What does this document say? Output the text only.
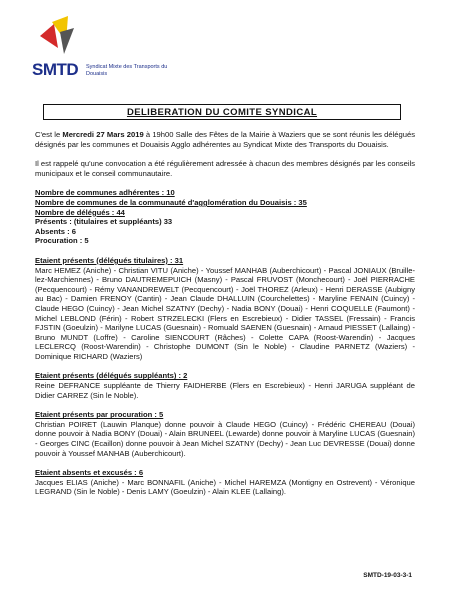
SMTD Syndicat Mixte des Transports du Douaisis
DELIBERATION DU COMITE SYNDICAL

C'est le Mercredi 27 Mars 2019 à 19h00 Salle des Fêtes de la Mairie à Waziers que se sont réunis les délégués désignés par les communes et Douaisis Agglo adhérentes au Syndicat Mixte des Transports du Douaisis.

Il est rappelé qu'une convocation a été régulièrement adressée à chacun des membres désignés par les conseils municipaux et le conseil communautaire.

Nombre de communes adhérentes : 10

Nombre de communes de la communauté d'agglomération du Douaisis : 35

Nombre de délégués : 44

Présents : (titulaires et suppléants) 33

Absents : 6

Procuration : 5

Etaient présents (délégués titulaires) : 31

Marc HEMEZ (Aniche) - Christian VITU (Aniche) - Youssef MANHAB (Auberchicourt) - Pascal JONIAUX (Bruille-lez-Marchiennes) - Bruno DAUTREMEPUICH (Masny) - Pascal FRUVOST (Monchecourt) - Joël PIERRACHE (Pecquencourt) - Rémy VANANDREWELT (Pecquencourt) - Joël THOREZ (Arleux) - Henri DERASSE (Aubigny au Bac) - Damien FRENOY (Cantin) - Jean Claude DHALLUIN (Courchelettes) - Maryline FENAIN (Cuincy) - Claude HEGO (Cuincy) - Jean Michel SZATNY (Dechy) - Nadia BONY (Douai) - Henri COQUELLE (Faumont) - Michel LEBLOND (Férin) - Robert STRZELECKI (Flers en Escrebieux) - Didier TASSEL (Fressain) - Francis FJSTIN (Goeulzin) - Marilyne LUCAS (Guesnain) - Romuald SAENEN (Guesnain) - Arnaud PIESSET (Lallaing) - Bruno MUNDT (Loffre) - Caroline SIENCOURT (Râches) - Colette CAPA (Roost-Warendin) - Jacques LECLERCQ (Roost-Warendin) - Christophe DUMONT (Sin le Noble) - Claudine PARNETZ (Waziers) - Dominique RICHARD (Waziers)

Etaient présents (délégués suppléants) : 2

Reine DEFRANCE suppléante de Thierry FAIDHERBE (Flers en Escrebieux) - Henri JARUGA suppléant de Didier CARREZ (Sin le Noble).

Etaient présents par procuration : 5

Christian POIRET (Lauwin Planque) donne pouvoir à Claude HEGO (Cuincy) - Frédéric CHEREAU (Douai) donne pouvoir à Nadia BONY (Douai) - Alain BRUNEEL (Lewarde) donne pouvoir à Maryline LUCAS (Guesnain) - Georges CINC (Ecaillon) donne pouvoir à Jean Michel SZATNY (Dechy) - Jean Luc DEVRESSE (Douai) donne pouvoir à Youssef MANHAB (Auberchicourt).

Etaient absents et excusés : 6

Jacques ELIAS (Aniche) - Marc BONNAFIL (Aniche) - Michel HAREMZA (Montigny en Ostrevent) - Véronique LEGRAND (Sin le Noble) - Denis LAMY (Goeulzin) - Alain KLEE (Lallaing).

SMTD-19-03-3-1
